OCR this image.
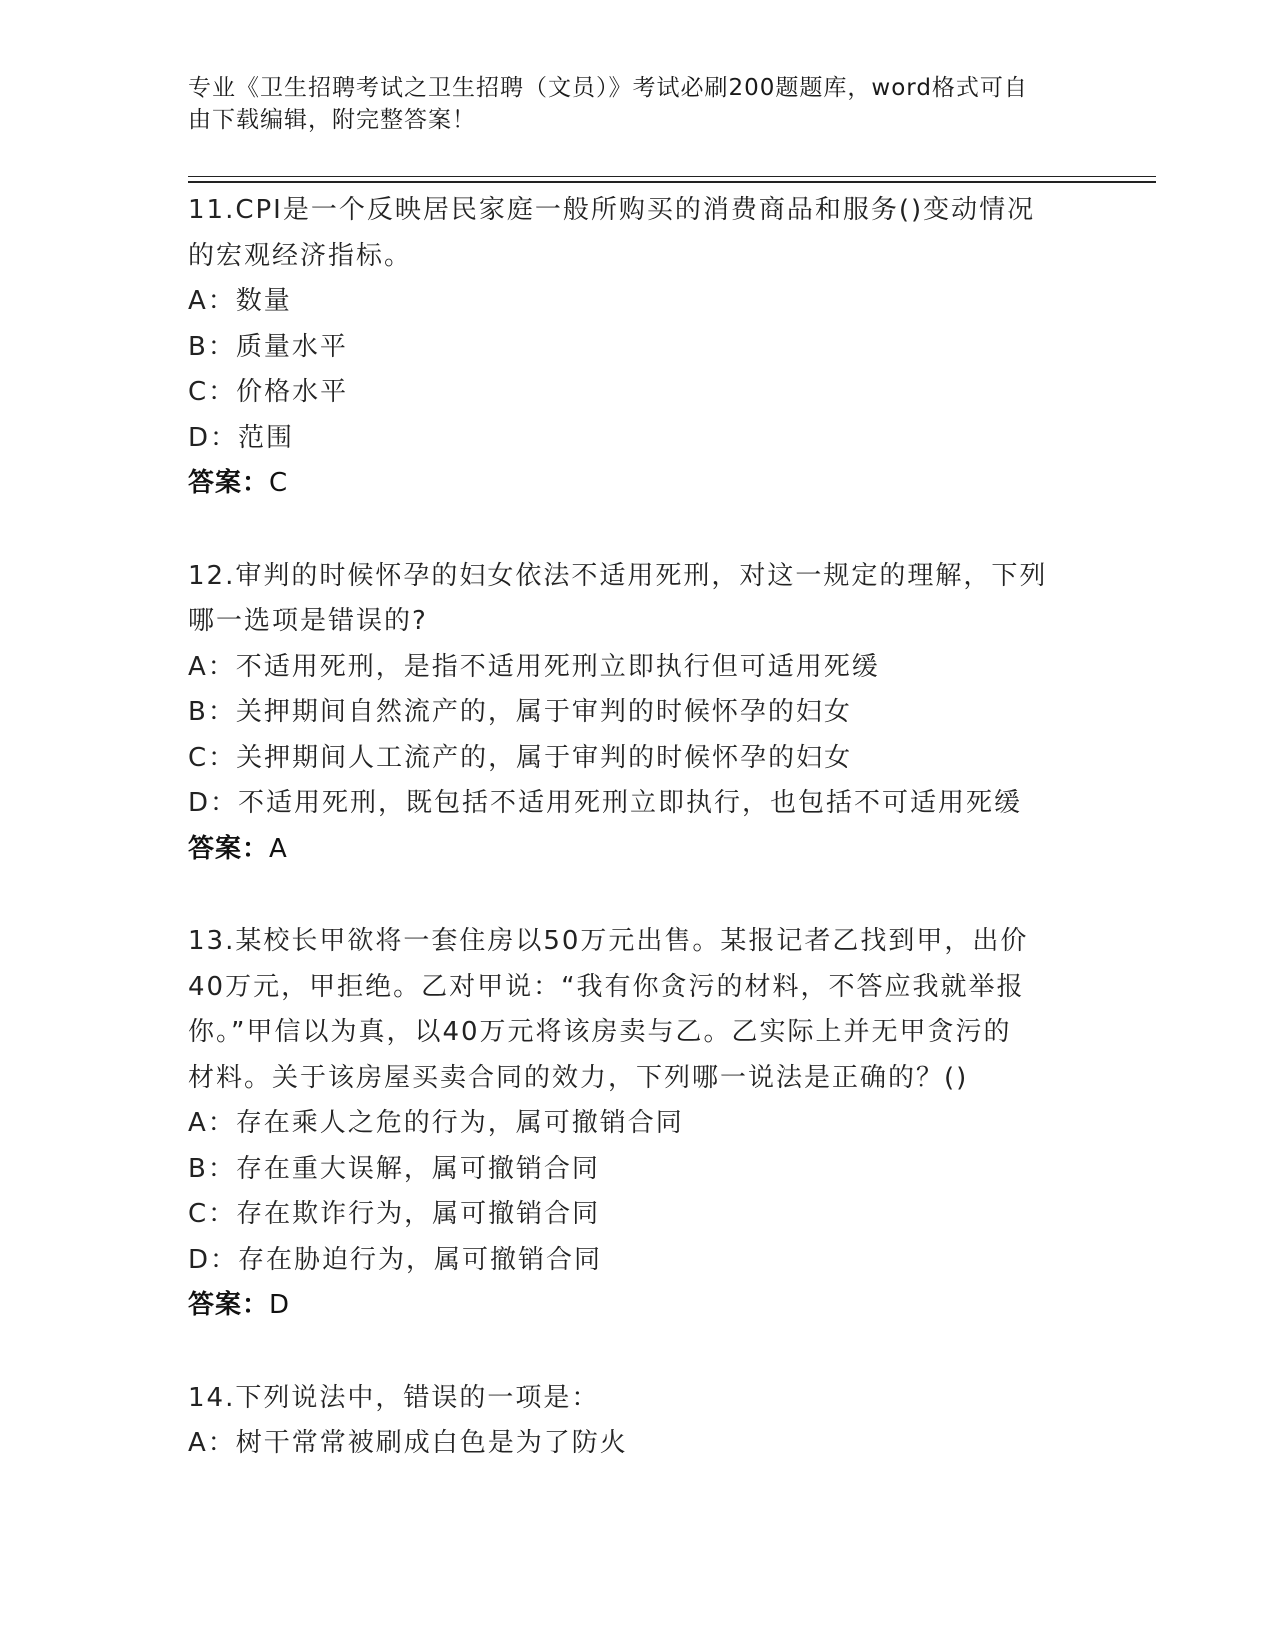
专业《卫生招聘考试之卫生招聘（文员）》考试必刷200题题库，word格式可自
由下载编辑，附完整答案！

11.CPI是一个反映居民家庭一般所购买的消费商品和服务()变动情况

的宏观经济指标。

A：数量

B：质量水平

C：价格水平

D：范围

答案：C

12.审判的时候怀孕的妇女依法不适用死刑，对这一规定的理解，下列

哪一选项是错误的?

A：不适用死刑，是指不适用死刑立即执行但可适用死缓

B：关押期间自然流产的，属于审判的时候怀孕的妇女

C：关押期间人工流产的，属于审判的时候怀孕的妇女

D：不适用死刑，既包括不适用死刑立即执行，也包括不可适用死缓

答案：A

13.某校长甲欲将一套住房以50万元出售。某报记者乙找到甲，出价

40万元，甲拒绝。乙对甲说：“我有你贪污的材料，不答应我就举报

你。”甲信以为真，以40万元将该房卖与乙。乙实际上并无甲贪污的

材料。关于该房屋买卖合同的效力，下列哪一说法是正确的？()

A：存在乘人之危的行为，属可撤销合同

B：存在重大误解，属可撤销合同

C：存在欺诈行为，属可撤销合同

D：存在胁迫行为，属可撤销合同

答案：D

14.下列说法中，错误的一项是：

A：树干常常被刷成白色是为了防火
